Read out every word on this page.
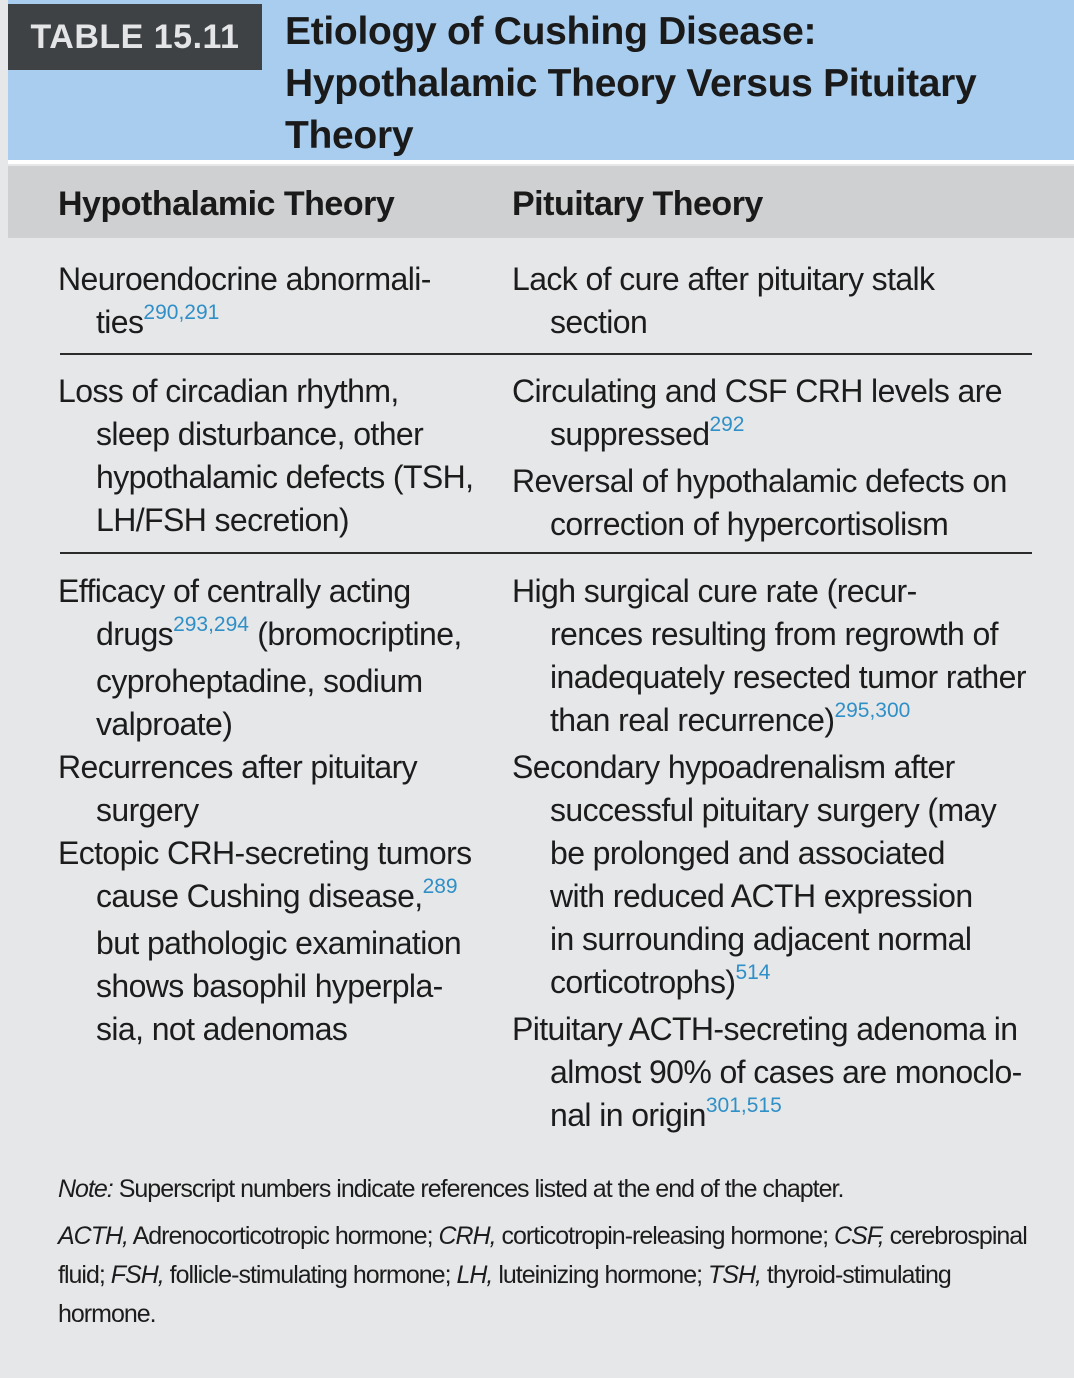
TABLE 15.11	Etiology of Cushing Disease:
Hypothalamic Theory Versus Pituitary
Theory
Hypothalamic Theory	Pituitary Theory

Neuroendocrine abnormali-
ties$^{290,291}$

Lack of cure after pituitary stalk
section

Loss of circadian rhythm,
sleep disturbance, other
hypothalamic defects (TSH,
LH/FSH secretion)

Circulating and CSF CRH levels are
suppressed$^{292}$

Reversal of hypothalamic defects on
correction of hypercortisolism

Efficacy of centrally acting
drugs$^{293,294}$ (bromocriptine,
cyproheptadine, sodium
valproate)

Recurrences after pituitary
surgery

Ectopic CRH-secreting tumors
cause Cushing disease,$^{289}$
but pathologic examination
shows basophil hyperpla-
sia, not adenomas

High surgical cure rate (recur-
rences resulting from regrowth of
inadequately resected tumor rather
than real recurrence)$^{295,300}$

Secondary hypoadrenalism after
successful pituitary surgery (may
be prolonged and associated
with reduced ACTH expression
in surrounding adjacent normal
corticotrophs)$^{514}$

Pituitary ACTH-secreting adenoma in
almost 90% of cases are monoclo-
nal in origin$^{301,515}$

Note: Superscript numbers indicate references listed at the end of the chapter.

ACTH, Adrenocorticotropic hormone; CRH, corticotropin-releasing hormone; CSF, cerebrospinal fluid; FSH, follicle-stimulating hormone; LH, luteinizing hormone; TSH, thyroid-stimulating hormone.
